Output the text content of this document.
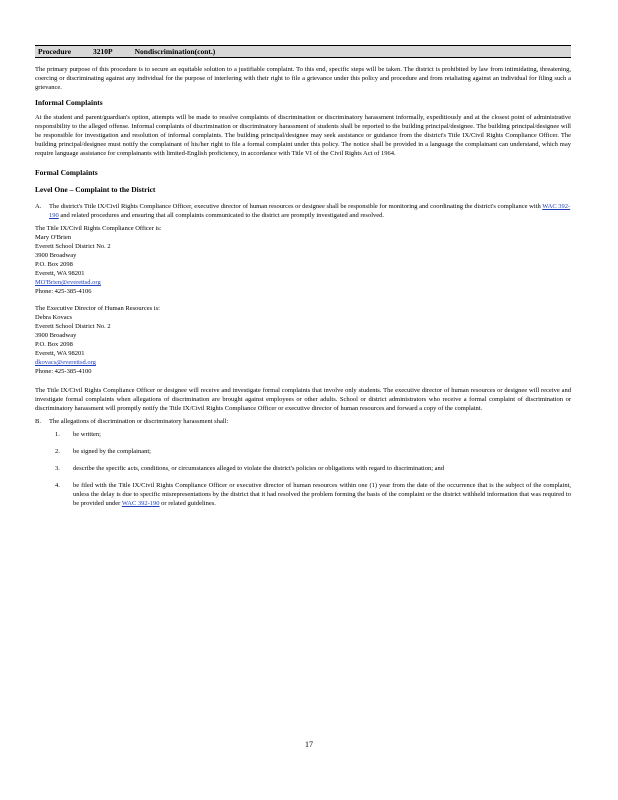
Procedure	3210P	Nondiscrimination(cont.)

The primary purpose of this procedure is to secure an equitable solution to a justifiable complaint. To this end, specific steps will be taken. The district is prohibited by law from intimidating, threatening, coercing or discriminating against any individual for the purpose of interfering with their right to file a grievance under this policy and procedure and from retaliating against an individual for filing such a grievance.

Informal Complaints

At the student and parent/guardian's option, attempts will be made to resolve complaints of discrimination or discriminatory harassment informally, expeditiously and at the closest point of administrative responsibility to the alleged offense. Informal complaints of discrimination or discriminatory harassment of students shall be reported to the building principal/designee. The building principal/designee will be responsible for investigation and resolution of informal complaints. The building principal/designee may seek assistance or guidance from the district's Title IX/Civil Rights Compliance Officer. The building principal/designee must notify the complainant of his/her right to file a formal complaint under this policy. The notice shall be provided in a language the complainant can understand, which may require language assistance for complainants with limited-English proficiency, in accordance with Title VI of the Civil Rights Act of 1964.

Formal Complaints
Level One – Complaint to the District
A. The district's Title IX/Civil Rights Compliance Officer, executive director of human resources or designee shall be responsible for monitoring and coordinating the district's compliance with WAC 392-190 and related procedures and ensuring that all complaints communicated to the district are promptly investigated and resolved.
The Title IX/Civil Rights Compliance Officer is:
Mary O'Brien
Everett School District No. 2
3900 Broadway
P.O. Box 2098
Everett, WA 98201
MO'Brien@everettsd.org
Phone: 425-385-4106
The Executive Director of Human Resources is:
Debra Kovacs
Everett School District No. 2
3900 Broadway
P.O. Box 2098
Everett, WA 98201
dkovacs@everettsd.org
Phone: 425-385-4100

The Title IX/Civil Rights Compliance Officer or designee will receive and investigate formal complaints that involve only students. The executive director of human resources or designee will receive and investigate formal complaints when allegations of discrimination are brought against employees or other adults. School or district administrators who receive a formal complaint of discrimination or discriminatory harassment will promptly notify the Title IX/Civil Rights Compliance Officer or executive director of human resources and forward a copy of the complaint.

B. The allegations of discrimination or discriminatory harassment shall:
1. be written;
2. be signed by the complainant;
3. describe the specific acts, conditions, or circumstances alleged to violate the district's policies or obligations with regard to discrimination; and
4. be filed with the Title IX/Civil Rights Compliance Officer or executive director of human resources within one (1) year from the date of the occurrence that is the subject of the complaint, unless the delay is due to specific misrepresentations by the district that it had resolved the problem forming the basis of the complaint or the district withheld information that was required to be provided under WAC 392-190 or related guidelines.
17
